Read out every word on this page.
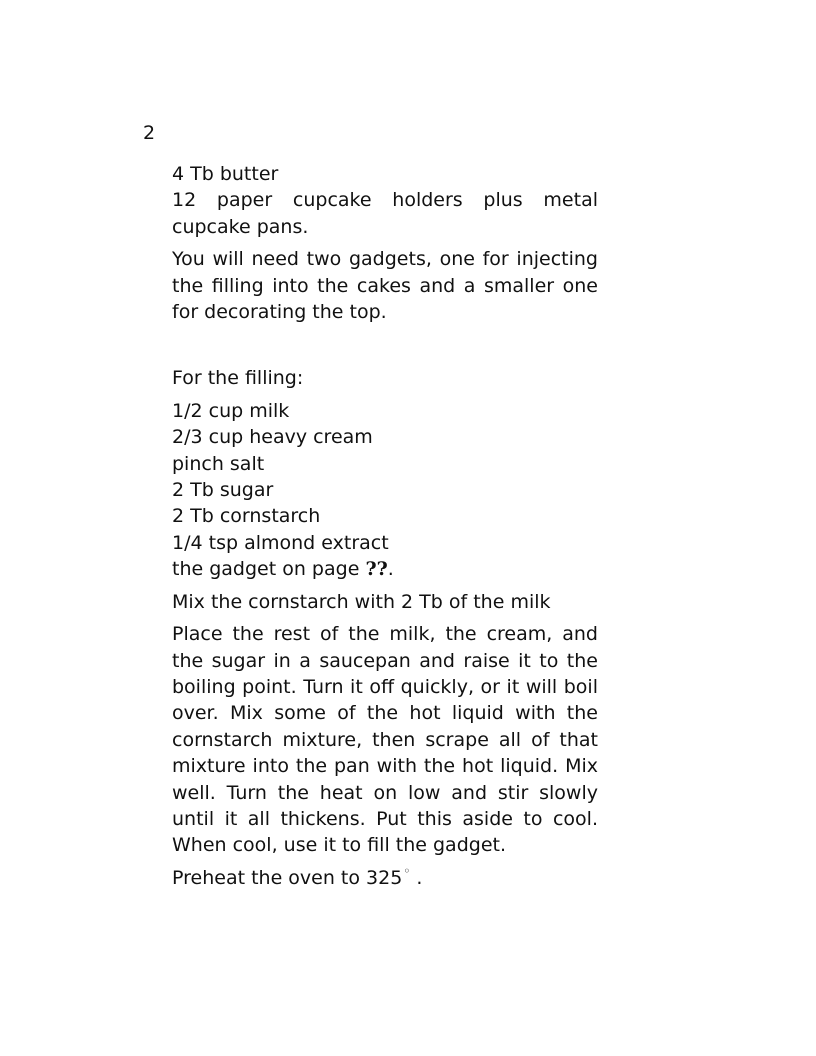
2
4 Tb butter

12 paper cupcake holders plus metal cupcake pans.

You will need two gadgets, one for injecting the filling into the cakes and a smaller one for decorating the top.

For the filling:

1/2 cup milk
2/3 cup heavy cream
pinch salt
2 Tb sugar
2 Tb cornstarch
1/4 tsp almond extract
the gadget on page ??.

Mix the cornstarch with 2 Tb of the milk

Place the rest of the milk, the cream, and the sugar in a saucepan and raise it to the boiling point. Turn it off quickly, or it will boil over. Mix some of the hot liquid with the cornstarch mixture, then scrape all of that mixture into the pan with the hot liquid. Mix well. Turn the heat on low and stir slowly until it all thickens. Put this aside to cool. When cool, use it to fill the gadget.

Preheat the oven to 325◦ .
